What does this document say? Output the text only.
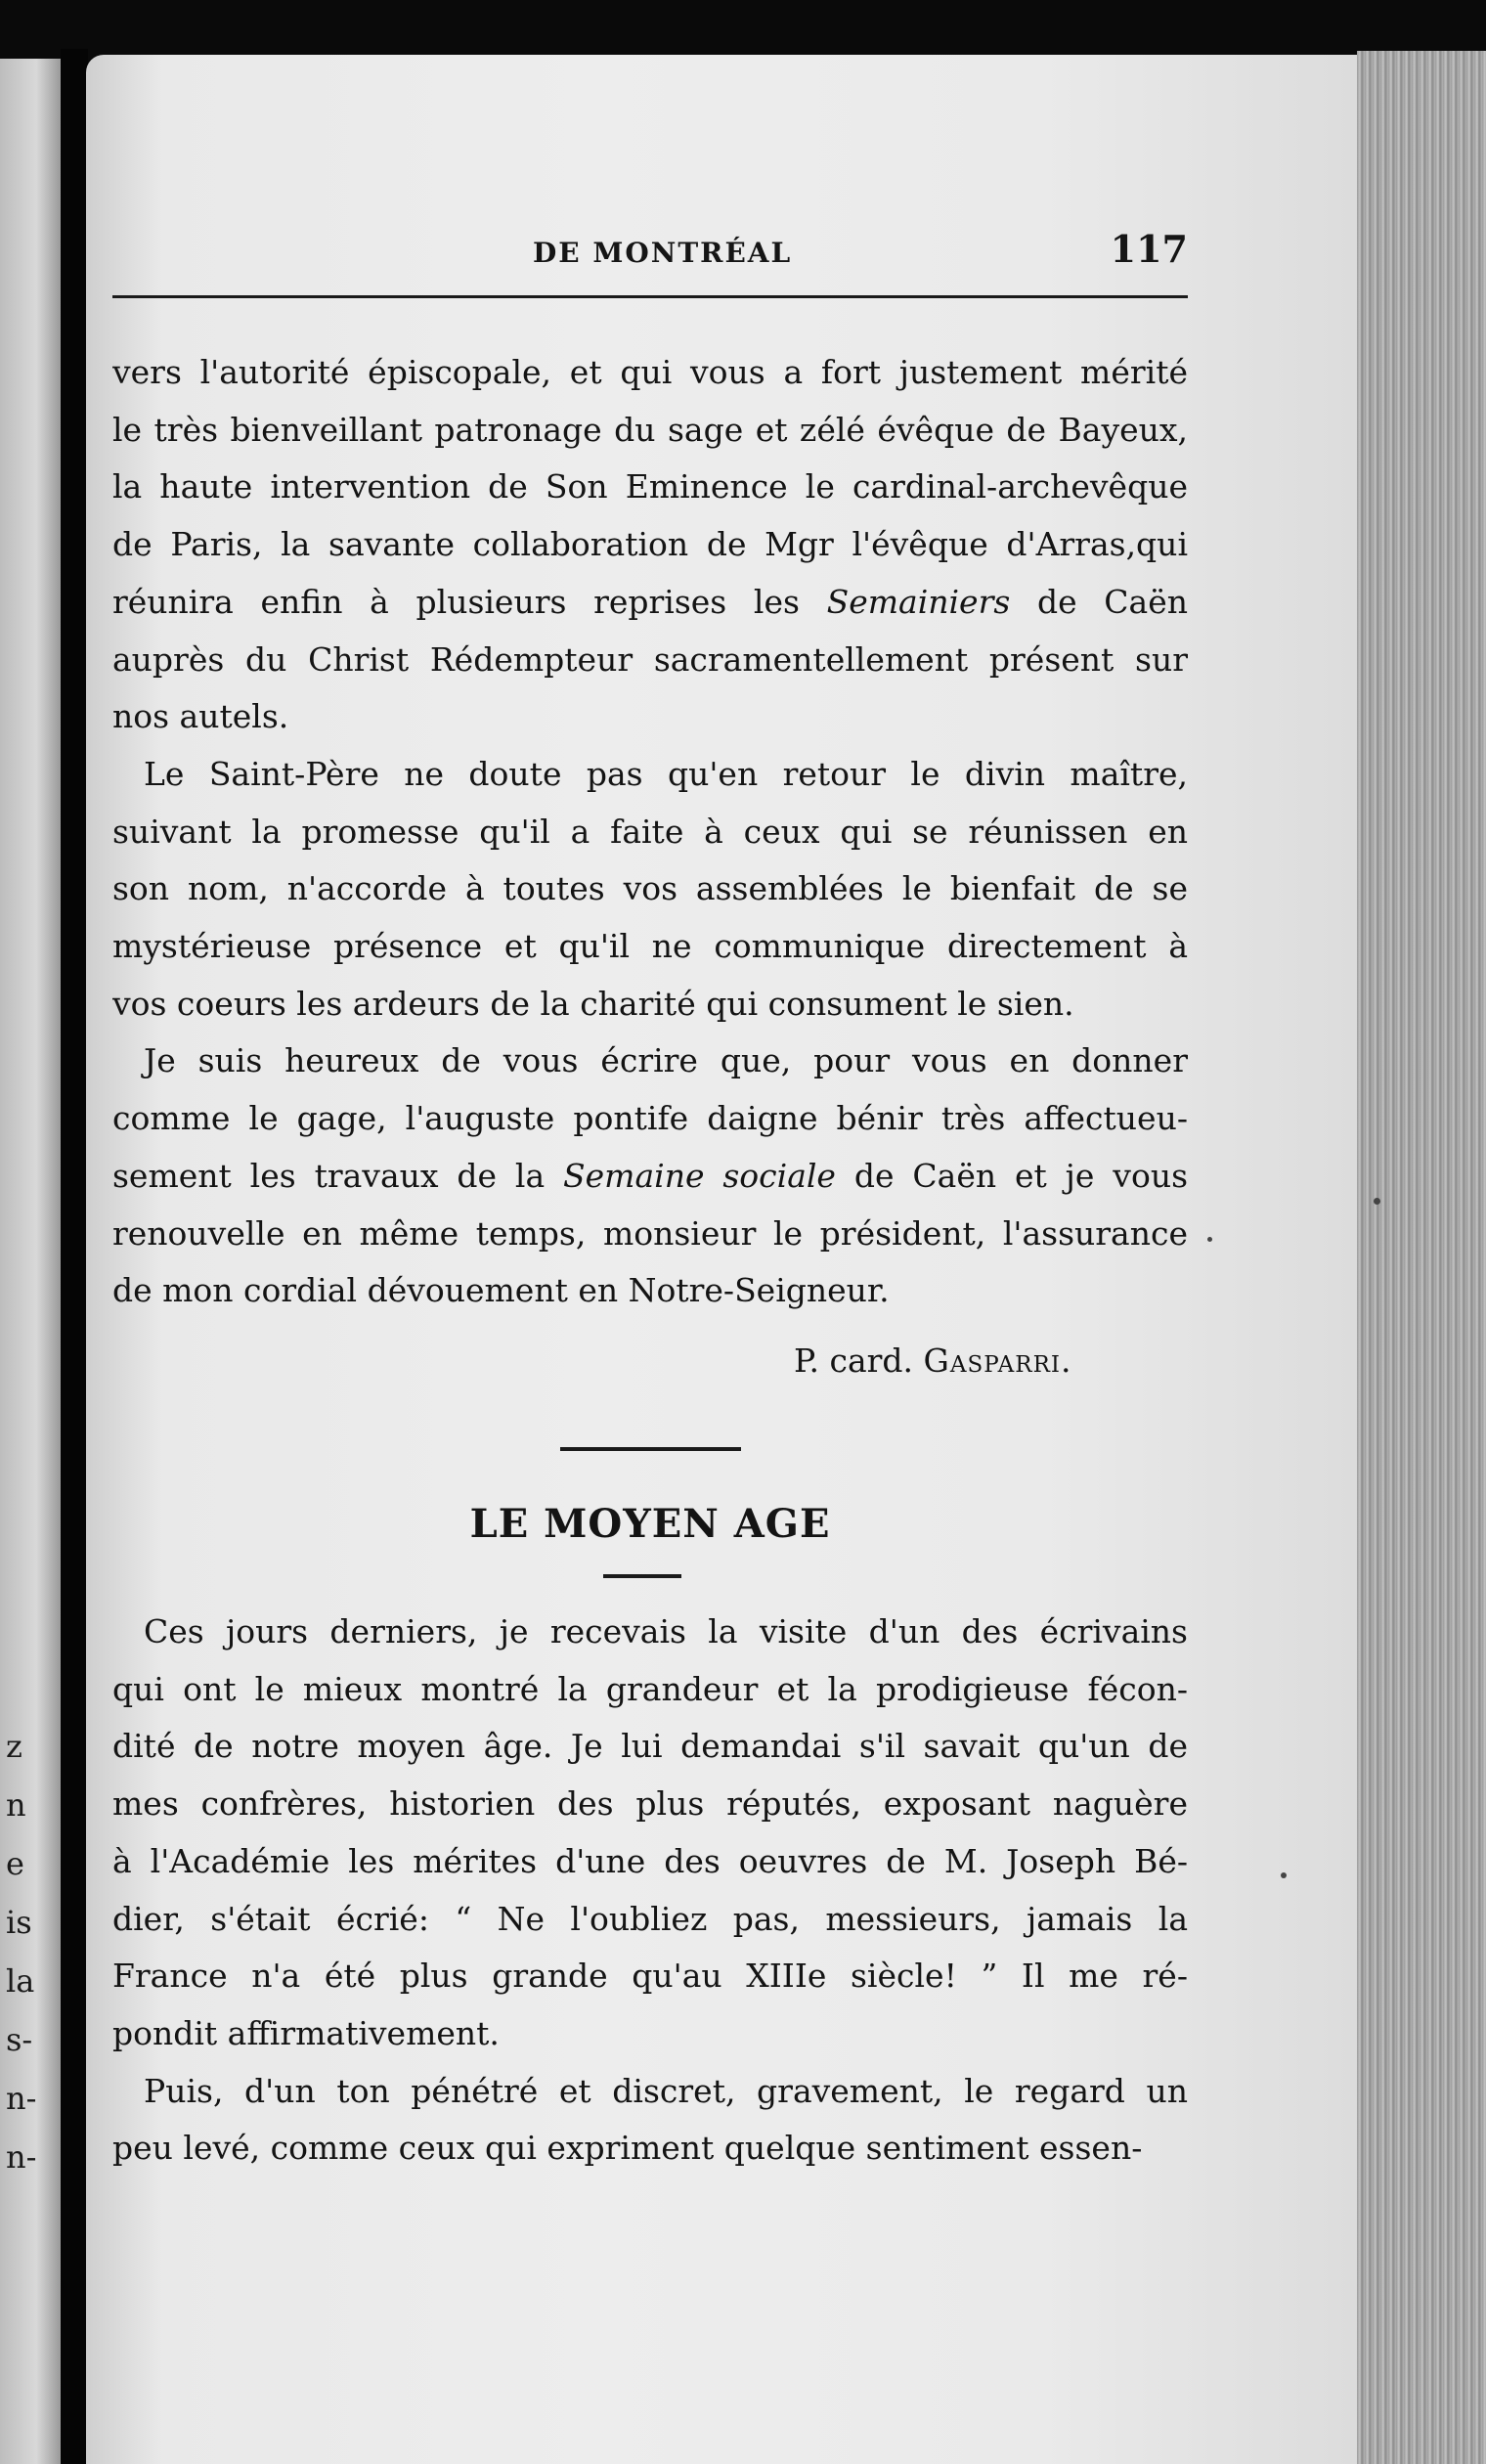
z
n
e
is
la
s-
n-
n-
DE MONTRÉAL	117
vers l'autorité épiscopale, et qui vous a fort justement mérité
le très bienveillant patronage du sage et zélé évêque de Bayeux,
la haute intervention de Son Eminence le cardinal-archevêque
de Paris, la savante collaboration de Mgr l'évêque d'Arras,qui
réunira enfin à plusieurs reprises les Semainiers de Caën
auprès du Christ Rédempteur sacramentellement présent sur
nos autels.
Le Saint-Père ne doute pas qu'en retour le divin maître,
suivant la promesse qu'il a faite à ceux qui se réunissen en
son nom, n'accorde à toutes vos assemblées le bienfait de se
mystérieuse présence et qu'il ne communique directement à
vos coeurs les ardeurs de la charité qui consument le sien.
Je suis heureux de vous écrire que, pour vous en donner
comme le gage, l'auguste pontife daigne bénir très affectueu-
sement les travaux de la Semaine sociale de Caën et je vous
renouvelle en même temps, monsieur le président, l'assurance
de mon cordial dévouement en Notre-Seigneur.
P. card. Gasparri.
LE MOYEN AGE
Ces jours derniers, je recevais la visite d'un des écrivains
qui ont le mieux montré la grandeur et la prodigieuse fécon-
dité de notre moyen âge. Je lui demandai s'il savait qu'un de
mes confrères, historien des plus réputés, exposant naguère
à l'Académie les mérites d'une des oeuvres de M. Joseph Bé-
dier, s'était écrié: “ Ne l'oubliez pas, messieurs, jamais la
France n'a été plus grande qu'au XIIIe siècle! ” Il me ré-
pondit affirmativement.
Puis, d'un ton pénétré et discret, gravement, le regard un
peu levé, comme ceux qui expriment quelque sentiment essen-
